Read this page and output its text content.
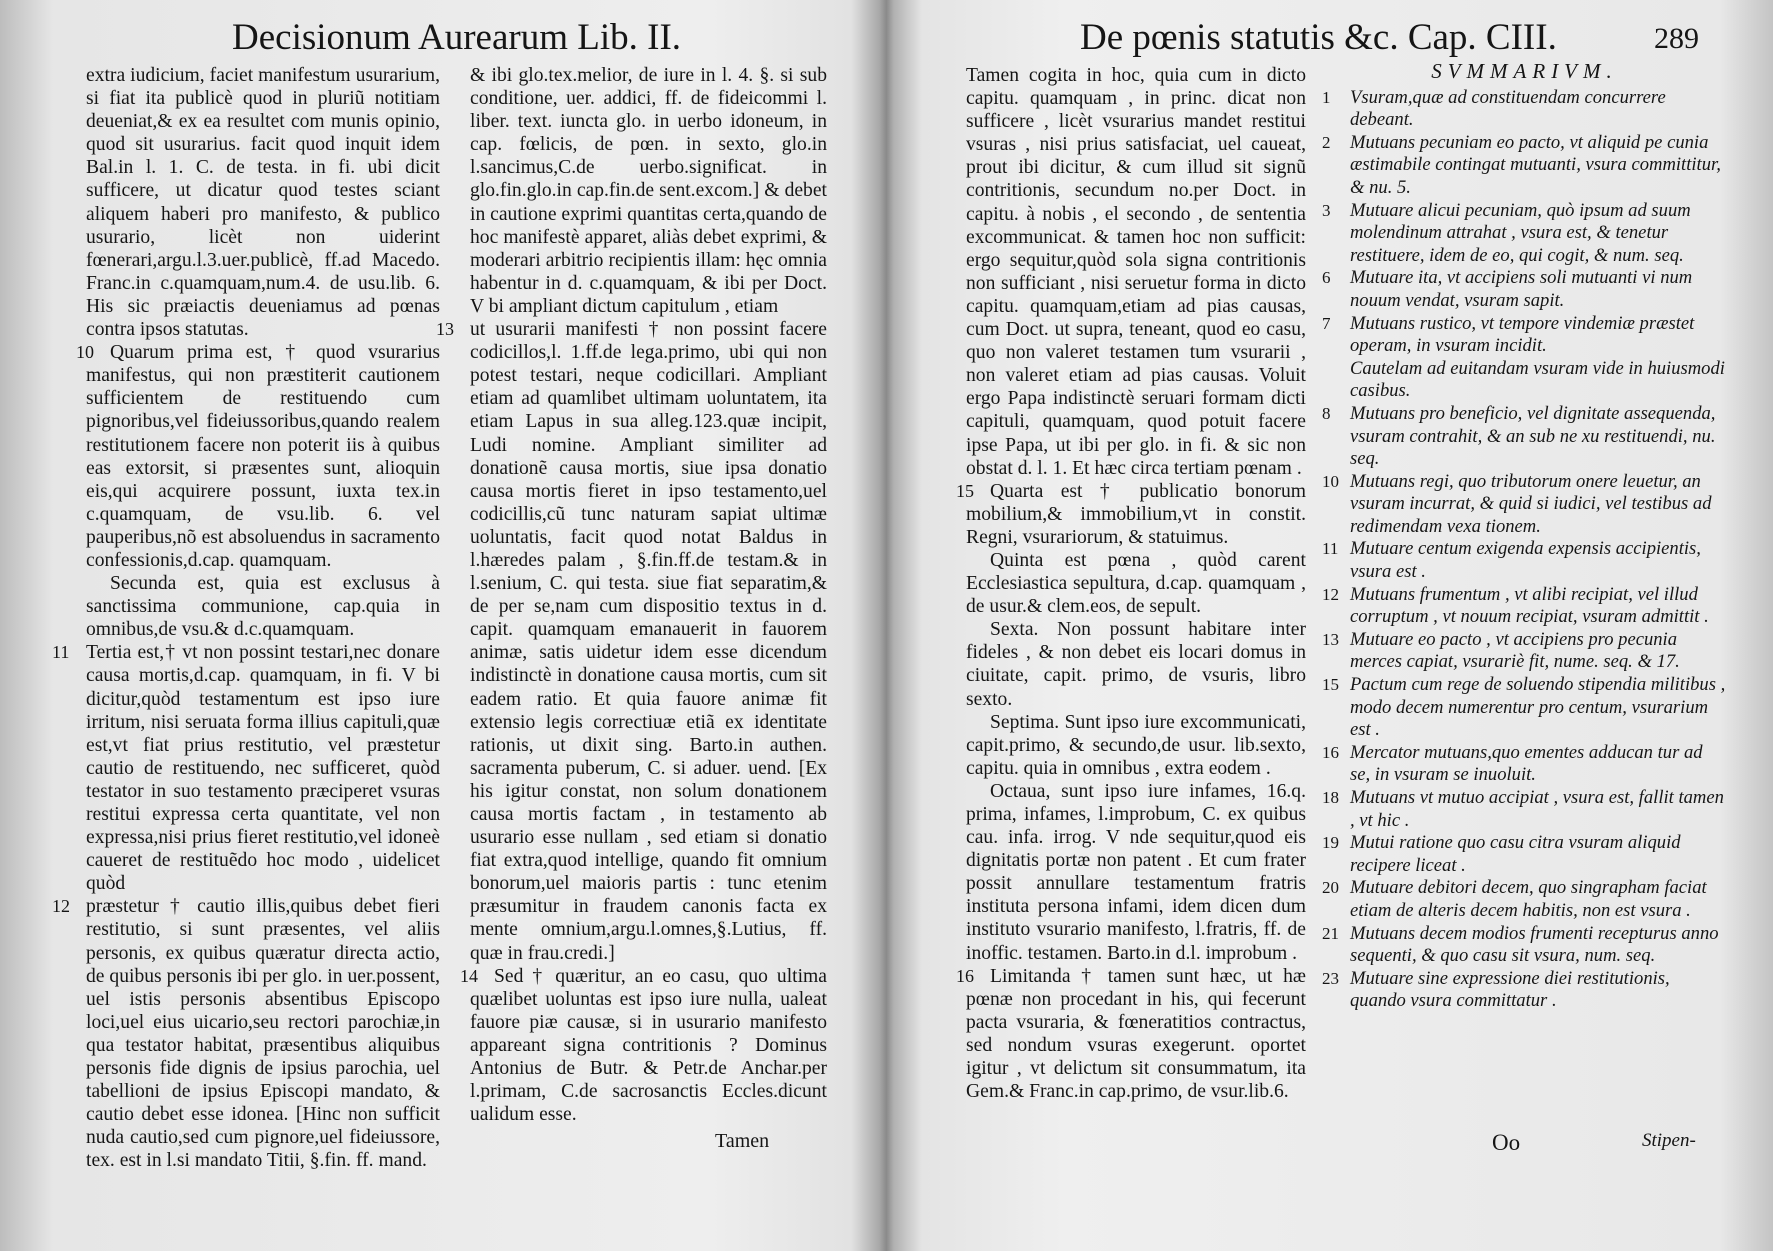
Decisionum Aurearum Lib. II.

extra iudicium, faciet manifestum usurarium, si fiat ita publicè quod in pluriũ notitiam deueniat,& ex ea resultet com munis opinio, quod sit usurarius. facit quod inquit idem Bal.in l. 1. C. de testa. in fi. ubi dicit sufficere, ut dicatur quod testes sciant aliquem haberi pro manifesto, & publico usurario, licèt non uiderint fœnerari,argu.l.3.uer.publicè, ff.ad Macedo. Franc.in c.quamquam,num.4. de usu.lib. 6. His sic præiactis deueniamus ad pœnas contra ipsos statutas.

10 Quarum prima est, † quod vsurarius manifestus, qui non præstiterit cautionem sufficientem de restituendo cum pignoribus,vel fideiussoribus,quando realem restitutionem facere non poterit iis à quibus eas extorsit, si præsentes sunt, alioquin eis,qui acquirere possunt, iuxta tex.in c.quamquam, de vsu.lib. 6. vel pauperibus,nõ est absoluendus in sacramento confessionis,d.cap. quamquam.

Secunda est, quia est exclusus à sanctissima communione, cap.quia in omnibus,de vsu.& d.c.quamquam.

11 Tertia est,† vt non possint testari,nec donare causa mortis,d.cap. quamquam, in fi. V bi dicitur,quòd testamentum est ipso iure irritum, nisi seruata forma illius capituli,quæ est,vt fiat prius restitutio, vel præstetur cautio de restituendo, nec sufficeret, quòd testator in suo testamento præciperet vsuras restitui expressa certa quantitate, vel non expressa,nisi prius fieret restitutio,vel idoneè caueret de restituẽdo hoc modo , uidelicet quòd

12 præstetur † cautio illis,quibus debet fieri restitutio, si sunt præsentes, vel aliis personis, ex quibus quæratur directa actio, de quibus personis ibi per glo. in uer.possent, uel istis personis absentibus Episcopo loci,uel eius uicario,seu rectori parochiæ,in qua testator habitat, præsentibus aliquibus personis fide dignis de ipsius parochia, uel tabellioni de ipsius Episcopi mandato, & cautio debet esse idonea. [Hinc non sufficit nuda cautio,sed cum pignore,uel fideiussore, tex. est in l.si mandato Titii, §.fin. ff. mand.

& ibi glo.tex.melior, de iure in l. 4. §. si sub conditione, uer. addici, ff. de fideicommi l. liber. text. iuncta glo. in uerbo idoneum, in cap. fœlicis, de pœn. in sexto, glo.in l.sancimus,C.de uerbo.significat. in glo.fin.glo.in cap.fin.de sent.excom.] & debet in cautione exprimi quantitas certa,quando de hoc manifestè apparet, aliàs debet exprimi, & moderari arbitrio recipientis illam: hęc omnia habentur in d. c.quamquam, & ibi per Doct. V bi ampliant dictum capitulum , etiam

13 ut usurarii manifesti † non possint facere codicillos,l. 1.ff.de lega.primo, ubi qui non potest testari, neque codicillari. Ampliant etiam ad quamlibet ultimam uoluntatem, ita etiam Lapus in sua alleg.123.quæ incipit, Ludi nomine. Ampliant similiter ad donationẽ causa mortis, siue ipsa donatio causa mortis fieret in ipso testamento,uel codicillis,cũ tunc naturam sapiat ultimæ uoluntatis, facit quod notat Baldus in l.hæredes palam , §.fin.ff.de testam.& in l.senium, C. qui testa. siue fiat separatim,& de per se,nam cum dispositio textus in d. capit. quamquam emanauerit in fauorem animæ, satis uidetur idem esse dicendum indistinctè in donatione causa mortis, cum sit eadem ratio. Et quia fauore animæ fit extensio legis correctiuæ etiã ex identitate rationis, ut dixit sing. Barto.in authen. sacramenta puberum, C. si aduer. uend. [Ex his igitur constat, non solum donationem causa mortis factam , in testamento ab usurario esse nullam , sed etiam si donatio fiat extra,quod intellige, quando fit omnium bonorum,uel maioris partis : tunc etenim præsumitur in fraudem canonis facta ex mente omnium,argu.l.omnes,§.Lutius, ff. quæ in frau.credi.]

14 Sed † quæritur, an eo casu, quo ultima quælibet uoluntas est ipso iure nulla, ualeat fauore piæ causæ, si in usurario manifesto appareant signa contritionis ? Dominus Antonius de Butr. & Petr.de Anchar.per l.primam, C.de sacrosanctis Eccles.dicunt ualidum esse.

Tamen
De pœnis statutis &c. Cap. CIII.	289

Tamen cogita in hoc, quia cum in dicto capitu. quamquam , in princ. dicat non sufficere , licèt vsurarius mandet restitui vsuras , nisi prius satisfaciat, uel caueat, prout ibi dicitur, & cum illud sit signũ contritionis, secundum no.per Doct. in capitu. à nobis , el secondo , de sententia excommunicat. & tamen hoc non sufficit: ergo sequitur,quòd sola signa contritionis non sufficiant , nisi seruetur forma in dicto capitu. quamquam,etiam ad pias causas, cum Doct. ut supra, teneant, quod eo casu, quo non valeret testamen tum vsurarii , non valeret etiam ad pias causas. Voluit ergo Papa indistinctè seruari formam dicti capituli, quamquam, quod potuit facere ipse Papa, ut ibi per glo. in fi. & sic non obstat d. l. 1. Et hæc circa tertiam pœnam .

15 Quarta est † publicatio bonorum mobilium,& immobilium,vt in constit. Regni, vsurariorum, & statuimus.

Quinta est pœna , quòd carent Ecclesiastica sepultura, d.cap. quamquam , de usur.& clem.eos, de sepult.

Sexta. Non possunt habitare inter fideles , & non debet eis locari domus in ciuitate, capit. primo, de vsuris, libro sexto.

Septima. Sunt ipso iure excommunicati, capit.primo, & secundo,de usur. lib.sexto, capitu. quia in omnibus , extra eodem .

Octaua, sunt ipso iure infames, 16.q. prima, infames, l.improbum, C. ex quibus cau. infa. irrog. V nde sequitur,quod eis dignitatis portæ non patent . Et cum frater possit annullare testamentum fratris instituta persona infami, idem dicen dum instituto vsurario manifesto, l.fratris, ff. de inoffic. testamen. Barto.in d.l. improbum .

16 Limitanda † tamen sunt hæc, ut hæ pœnæ non procedant in his, qui fecerunt pacta vsuraria, & fœneratitios contractus, sed nondum vsuras exegerunt. oportet igitur , vt delictum sit consummatum, ita Gem.& Franc.in cap.primo, de vsur.lib.6.

SVMMARIVM.
1 Vsuram,quæ ad constituendam concurrere debeant.
2 Mutuans pecuniam eo pacto, vt aliquid pe cunia æstimabile contingat mutuanti, vsura committitur, & nu. 5.
3 Mutuare alicui pecuniam, quò ipsum ad suum molendinum attrahat , vsura est, & tenetur restituere, idem de eo, qui cogit, & num. seq.
6 Mutuare ita, vt accipiens soli mutuanti vi num nouum vendat, vsuram sapit.
7 Mutuans rustico, vt tempore vindemiæ præstet operam, in vsuram incidit.
Cautelam ad euitandam vsuram vide in huiusmodi casibus.
8 Mutuans pro beneficio, vel dignitate assequenda, vsuram contrahit, & an sub ne xu restituendi, nu. seq.
10 Mutuans regi, quo tributorum onere leuetur, an vsuram incurrat, & quid si iudici, vel testibus ad redimendam vexa tionem.
11 Mutuare centum exigenda expensis accipientis, vsura est .
12 Mutuans frumentum , vt alibi recipiat, vel illud corruptum , vt nouum recipiat, vsuram admittit .
13 Mutuare eo pacto , vt accipiens pro pecunia merces capiat, vsurariè fit, nume. seq. & 17.
15 Pactum cum rege de soluendo stipendia militibus , modo decem numerentur pro centum, vsurarium est .
16 Mercator mutuans,quo ementes adducan tur ad se, in vsuram se inuoluit.
18 Mutuans vt mutuo accipiat , vsura est, fallit tamen , vt hic .
19 Mutui ratione quo casu citra vsuram aliquid recipere liceat .
20 Mutuare debitori decem, quo singrapham faciat etiam de alteris decem habitis, non est vsura .
21 Mutuans decem modios frumenti recepturus anno sequenti, & quo casu sit vsura, num. seq.
23 Mutuare sine expressione diei restitutionis, quando vsura committatur .
Oo	Stipen-
